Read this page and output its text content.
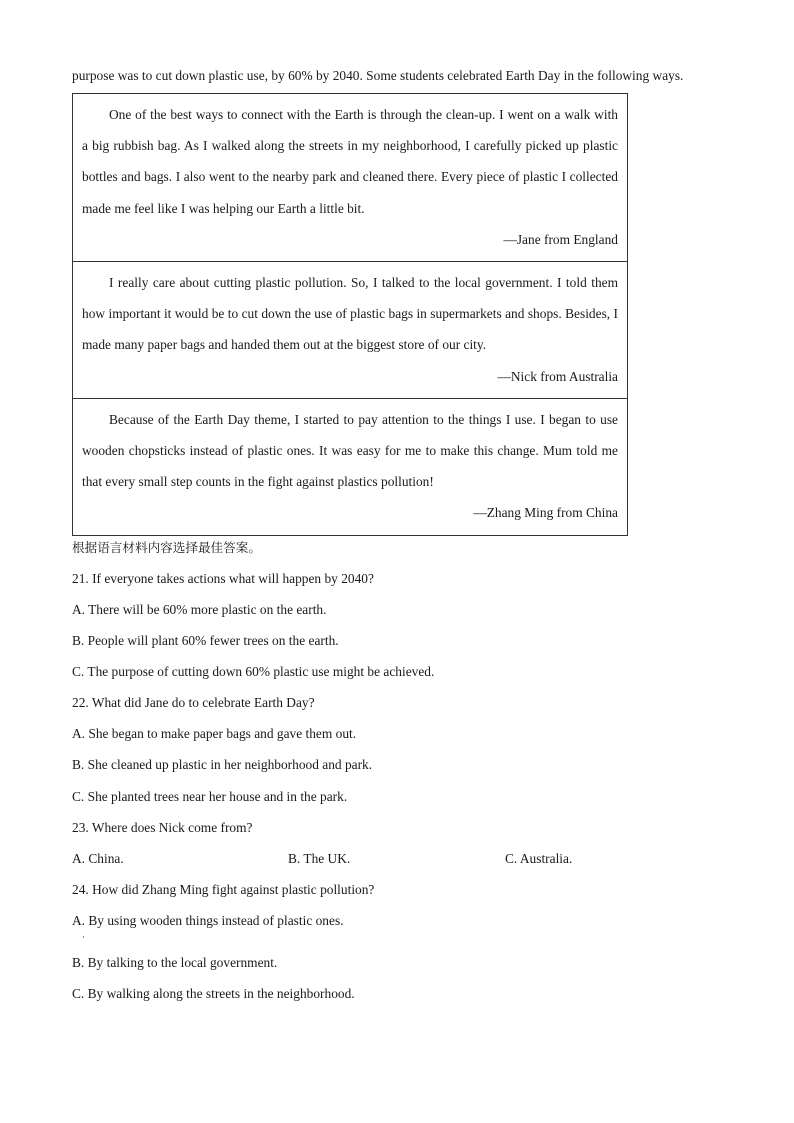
purpose was to cut down plastic use, by 60% by 2040. Some students celebrated Earth Day in the following ways.

One of the best ways to connect with the Earth is through the clean-up. I went on a walk with a big rubbish bag. As I walked along the streets in my neighborhood, I carefully picked up plastic bottles and bags. I also went to the nearby park and cleaned there. Every piece of plastic I collected made me feel like I was helping our Earth a little bit.

—Jane from England

I really care about cutting plastic pollution. So, I talked to the local government. I told them how important it would be to cut down the use of plastic bags in supermarkets and shops. Besides, I made many paper bags and handed them out at the biggest store of our city.

—Nick from Australia

Because of the Earth Day theme, I started to pay attention to the things I use. I began to use wooden chopsticks instead of plastic ones. It was easy for me to make this change. Mum told me that every small step counts in the fight against plastics pollution!

—Zhang Ming from China
根据语言材料内容选择最佳答案。
21. If everyone takes actions what will happen by 2040?
A. There will be 60% more plastic on the earth.
B. People will plant 60% fewer trees on the earth.
C. The purpose of cutting down 60% plastic use might be achieved.
22. What did Jane do to celebrate Earth Day?
A. She began to make paper bags and gave them out.
B. She cleaned up plastic in her neighborhood and park.
C. She planted trees near her house and in the park.
23. Where does Nick come from?
A. China.	B. The UK.	C. Australia.
24. How did Zhang Ming fight against plastic pollution?
A. By using wooden things instead of plastic ones.
·
B. By talking to the local government.
C. By walking along the streets in the neighborhood.
